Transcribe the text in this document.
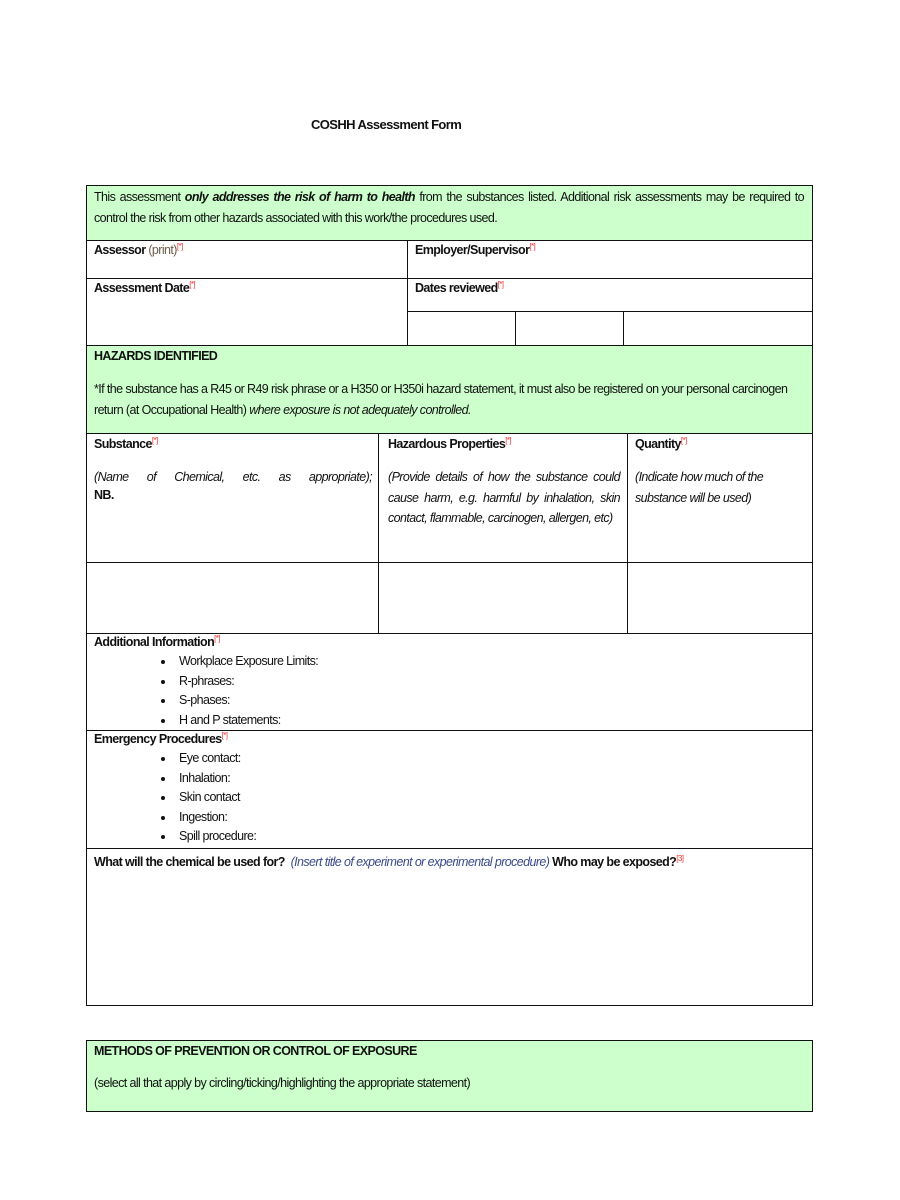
COSHH Assessment Form
This assessment only addresses the risk of harm to health from the substances listed. Additional risk assessments may be required to control the risk from other hazards associated with this work/the procedures used.
Assessor (print)[*]	Employer/Supervisor[*]
Assessment Date[*]	Dates reviewed[*]
HAZARDS IDENTIFIED
*If the substance has a R45 or R49 risk phrase or a H350 or H350i hazard statement, it must also be registered on your personal carcinogen return (at Occupational Health) where exposure is not adequately controlled.
Substance[*]
(Name of Chemical, etc. as appropriate);
NB.
Hazardous Properties[*]
(Provide details of how the substance could cause harm, e.g. harmful by inhalation, skin contact, flammable, carcinogen, allergen, etc)
Quantity[*]
(Indicate how much of the substance will be used)
Additional Information[*]
• Workplace Exposure Limits:
• R-phrases:
• S-phases:
• H and P statements:
Emergency Procedures[*]
• Eye contact:
• Inhalation:
• Skin contact
• Ingestion:
• Spill procedure:
What will the chemical be used for? (Insert title of experiment or experimental procedure) Who may be exposed?[3]
METHODS OF PREVENTION OR CONTROL OF EXPOSURE
(select all that apply by circling/ticking/highlighting the appropriate statement)
